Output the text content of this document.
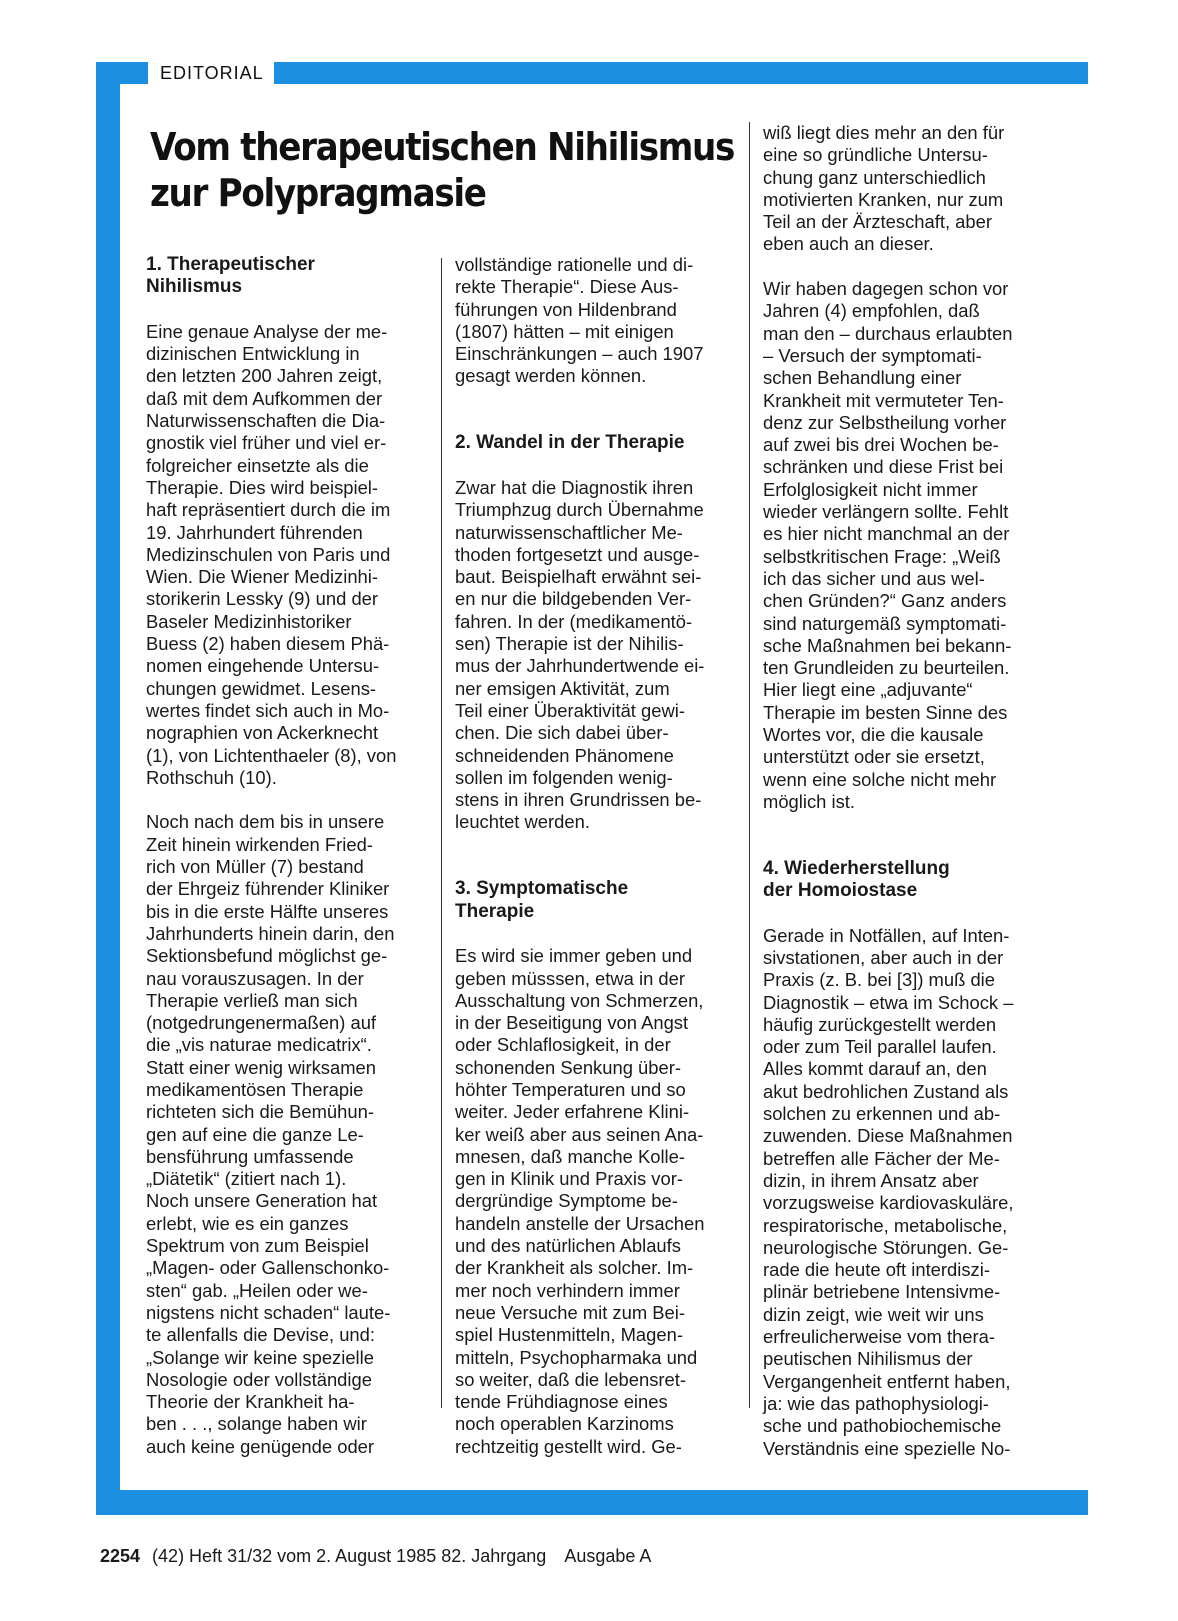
EDITORIAL
Vom therapeutischen Nihilismus
zur Polypragmasie
1. Therapeutischer
Nihilismus

Eine genaue Analyse der me-
dizinischen Entwicklung in
den letzten 200 Jahren zeigt,
daß mit dem Aufkommen der
Naturwissenschaften die Dia-
gnostik viel früher und viel er-
folgreicher einsetzte als die
Therapie. Dies wird beispiel-
haft repräsentiert durch die im
19. Jahrhundert führenden
Medizinschulen von Paris und
Wien. Die Wiener Medizinhi-
storikerin Lessky (9) und der
Baseler Medizinhistoriker
Buess (2) haben diesem Phä-
nomen eingehende Untersu-
chungen gewidmet. Lesens-
wertes findet sich auch in Mo-
nographien von Ackerknecht
(1), von Lichtenthaeler (8), von
Rothschuh (10).

Noch nach dem bis in unsere
Zeit hinein wirkenden Fried-
rich von Müller (7) bestand
der Ehrgeiz führender Kliniker
bis in die erste Hälfte unseres
Jahrhunderts hinein darin, den
Sektionsbefund möglichst ge-
nau vorauszusagen. In der
Therapie verließ man sich
(notgedrungenermaßen) auf
die „vis naturae medicatrix“.
Statt einer wenig wirksamen
medikamentösen Therapie
richteten sich die Bemühun-
gen auf eine die ganze Le-
bensführung umfassende
„Diätetik“ (zitiert nach 1).
Noch unsere Generation hat
erlebt, wie es ein ganzes
Spektrum von zum Beispiel
„Magen- oder Gallenschonko-
sten“ gab. „Heilen oder we-
nigstens nicht schaden“ laute-
te allenfalls die Devise, und:
„Solange wir keine spezielle
Nosologie oder vollständige
Theorie der Krankheit ha-
ben . . ., solange haben wir
auch keine genügende oder

vollständige rationelle und di-
rekte Therapie“. Diese Aus-
führungen von Hildenbrand
(1807) hätten – mit einigen
Einschränkungen – auch 1907
gesagt werden können.

2. Wandel in der Therapie

Zwar hat die Diagnostik ihren
Triumphzug durch Übernahme
naturwissenschaftlicher Me-
thoden fortgesetzt und ausge-
baut. Beispielhaft erwähnt sei-
en nur die bildgebenden Ver-
fahren. In der (medikamentö-
sen) Therapie ist der Nihilis-
mus der Jahrhundertwende ei-
ner emsigen Aktivität, zum
Teil einer Überaktivität gewi-
chen. Die sich dabei über-
schneidenden Phänomene
sollen im folgenden wenig-
stens in ihren Grundrissen be-
leuchtet werden.

3. Symptomatische
Therapie

Es wird sie immer geben und
geben müsssen, etwa in der
Ausschaltung von Schmerzen,
in der Beseitigung von Angst
oder Schlaflosigkeit, in der
schonenden Senkung über-
höhter Temperaturen und so
weiter. Jeder erfahrene Klini-
ker weiß aber aus seinen Ana-
mnesen, daß manche Kolle-
gen in Klinik und Praxis vor-
dergründige Symptome be-
handeln anstelle der Ursachen
und des natürlichen Ablaufs
der Krankheit als solcher. Im-
mer noch verhindern immer
neue Versuche mit zum Bei-
spiel Hustenmitteln, Magen-
mitteln, Psychopharmaka und
so weiter, daß die lebensret-
tende Frühdiagnose eines
noch operablen Karzinoms
rechtzeitig gestellt wird. Ge-

wiß liegt dies mehr an den für
eine so gründliche Untersu-
chung ganz unterschiedlich
motivierten Kranken, nur zum
Teil an der Ärzteschaft, aber
eben auch an dieser.

Wir haben dagegen schon vor
Jahren (4) empfohlen, daß
man den – durchaus erlaubten
– Versuch der symptomati-
schen Behandlung einer
Krankheit mit vermuteter Ten-
denz zur Selbstheilung vorher
auf zwei bis drei Wochen be-
schränken und diese Frist bei
Erfolglosigkeit nicht immer
wieder verlängern sollte. Fehlt
es hier nicht manchmal an der
selbstkritischen Frage: „Weiß
ich das sicher und aus wel-
chen Gründen?“ Ganz anders
sind naturgemäß symptomati-
sche Maßnahmen bei bekann-
ten Grundleiden zu beurteilen.
Hier liegt eine „adjuvante“
Therapie im besten Sinne des
Wortes vor, die die kausale
unterstützt oder sie ersetzt,
wenn eine solche nicht mehr
möglich ist.

4. Wiederherstellung
der Homoiostase

Gerade in Notfällen, auf Inten-
sivstationen, aber auch in der
Praxis (z. B. bei [3]) muß die
Diagnostik – etwa im Schock –
häufig zurückgestellt werden
oder zum Teil parallel laufen.
Alles kommt darauf an, den
akut bedrohlichen Zustand als
solchen zu erkennen und ab-
zuwenden. Diese Maßnahmen
betreffen alle Fächer der Me-
dizin, in ihrem Ansatz aber
vorzugsweise kardiovaskuläre,
respiratorische, metabolische,
neurologische Störungen. Ge-
rade die heute oft interdiszi-
plinär betriebene Intensivme-
dizin zeigt, wie weit wir uns
erfreulicherweise vom thera-
peutischen Nihilismus der
Vergangenheit entfernt haben,
ja: wie das pathophysiologi-
sche und pathobiochemische
Verständnis eine spezielle No-

2254 (42) Heft 31/32 vom 2. August 1985 82. Jahrgang Ausgabe A
